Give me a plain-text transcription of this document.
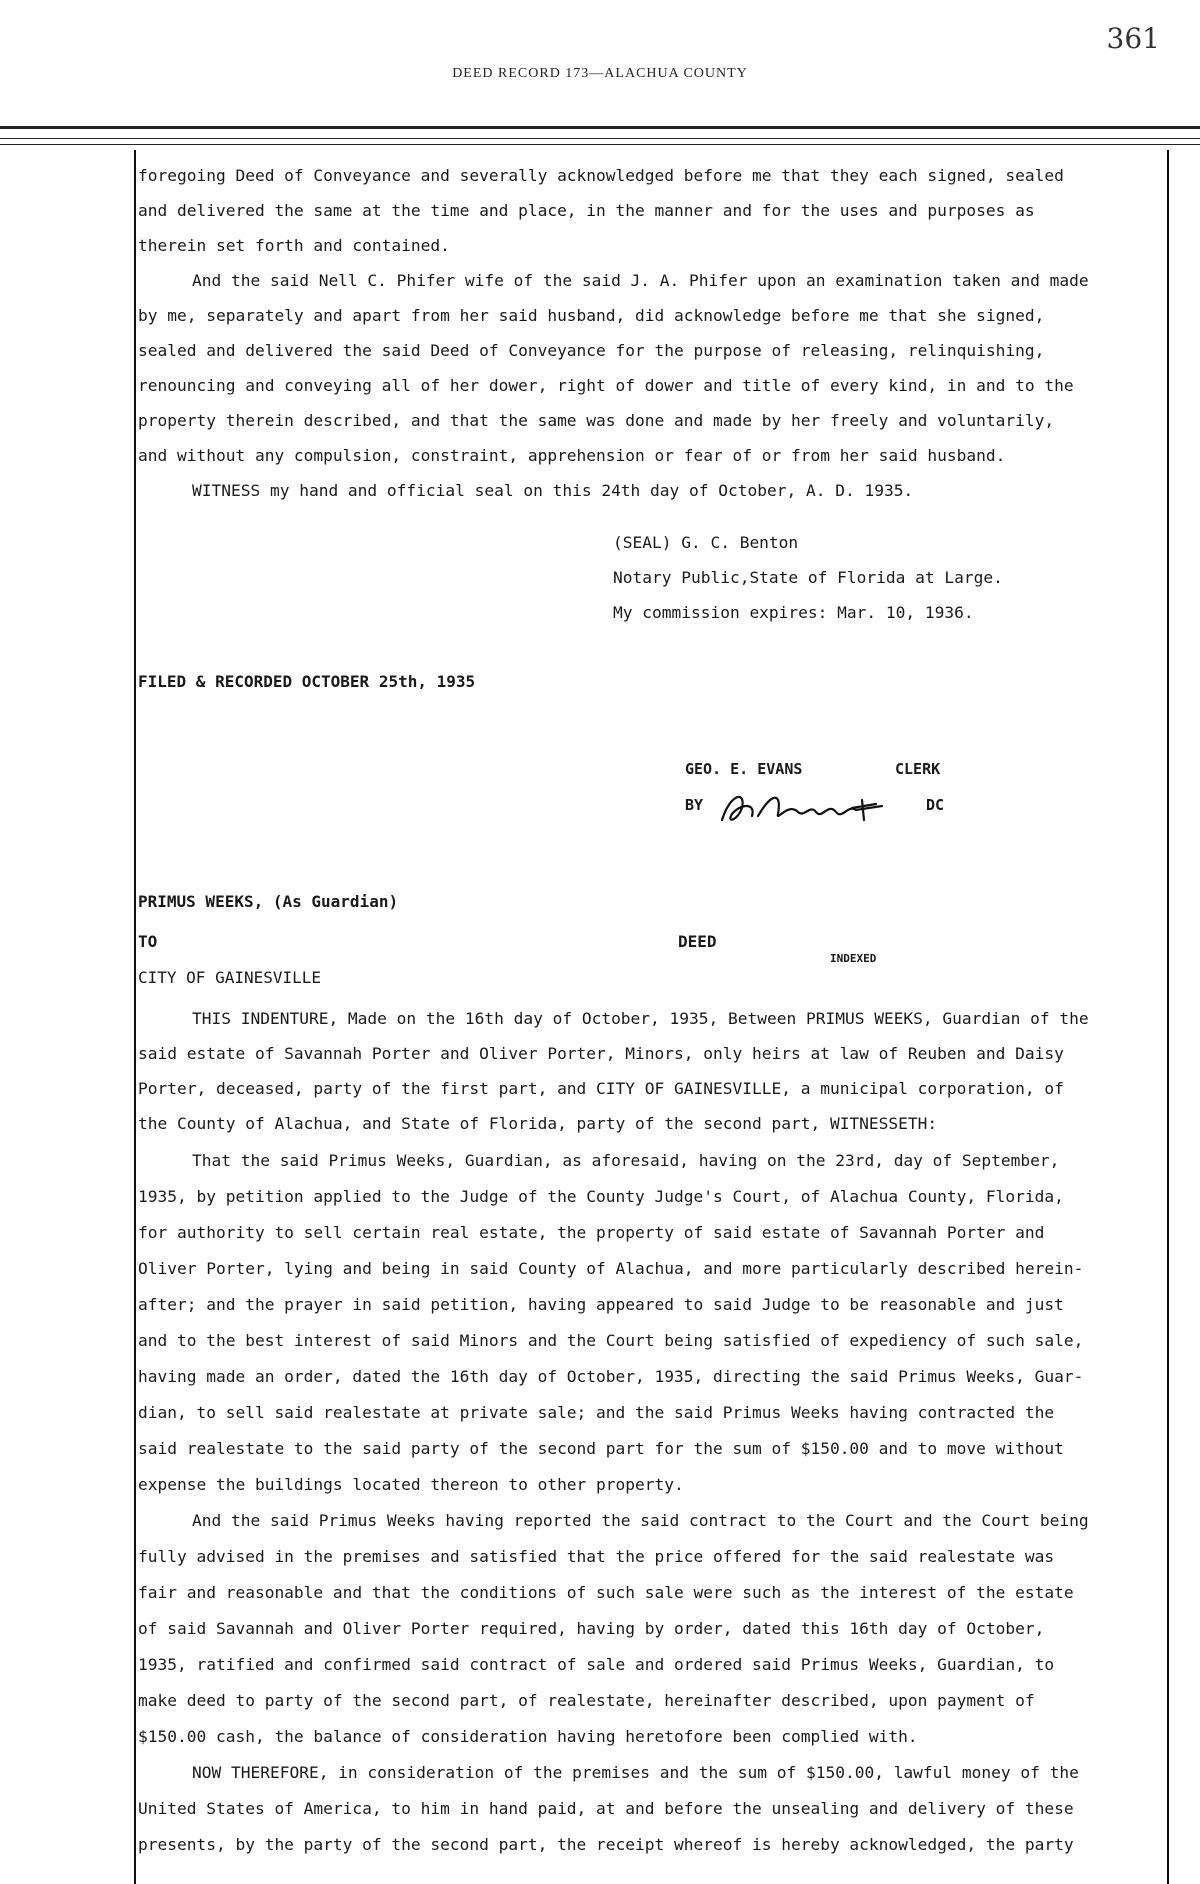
361
DEED RECORD 173—ALACHUA COUNTY
foregoing Deed of Conveyance and severally acknowledged before me that they each signed, sealed
and delivered the same at the time and place, in the manner and for the uses and purposes as
therein set forth and contained.
And the said Nell C. Phifer wife of the said J. A. Phifer upon an examination taken and made
by me, separately and apart from her said husband, did acknowledge before me that she signed,
sealed and delivered the said Deed of Conveyance for the purpose of releasing, relinquishing,
renouncing and conveying all of her dower, right of dower and title of every kind, in and to the
property therein described, and that the same was done and made by her freely and voluntarily,
and without any compulsion, constraint, apprehension or fear of or from her said husband.
WITNESS my hand and official seal on this 24th day of October, A. D. 1935.
(SEAL) G. C. Benton
Notary Public,State of Florida at Large.
My commission expires: Mar. 10, 1936.
FILED & RECORDED OCTOBER 25th, 1935
GEO. E. EVANS	CLERK
BY	DC
PRIMUS WEEKS, (As Guardian)
TO	DEED
INDEXED
CITY OF GAINESVILLE
THIS INDENTURE, Made on the 16th day of October, 1935, Between PRIMUS WEEKS, Guardian of the
said estate of Savannah Porter and Oliver Porter, Minors, only heirs at law of Reuben and Daisy
Porter, deceased, party of the first part, and CITY OF GAINESVILLE, a municipal corporation, of
the County of Alachua, and State of Florida, party of the second part, WITNESSETH:
That the said Primus Weeks, Guardian, as aforesaid, having on the 23rd, day of September,
1935, by petition applied to the Judge of the County Judge's Court, of Alachua County, Florida,
for authority to sell certain real estate, the property of said estate of Savannah Porter and
Oliver Porter, lying and being in said County of Alachua, and more particularly described herein-
after; and the prayer in said petition, having appeared to said Judge to be reasonable and just
and to the best interest of said Minors and the Court being satisfied of expediency of such sale,
having made an order, dated the 16th day of October, 1935, directing the said Primus Weeks, Guar-
dian, to sell said realestate at private sale; and the said Primus Weeks having contracted the
said realestate to the said party of the second part for the sum of $150.00 and to move without
expense the buildings located thereon to other property.
And the said Primus Weeks having reported the said contract to the Court and the Court being
fully advised in the premises and satisfied that the price offered for the said realestate was
fair and reasonable and that the conditions of such sale were such as the interest of the estate
of said Savannah and Oliver Porter required, having by order, dated this 16th day of October,
1935, ratified and confirmed said contract of sale and ordered said Primus Weeks, Guardian, to
make deed to party of the second part, of realestate, hereinafter described, upon payment of
$150.00 cash, the balance of consideration having heretofore been complied with.
NOW THEREFORE, in consideration of the premises and the sum of $150.00, lawful money of the
United States of America, to him in hand paid, at and before the unsealing and delivery of these
presents, by the party of the second part, the receipt whereof is hereby acknowledged, the party
